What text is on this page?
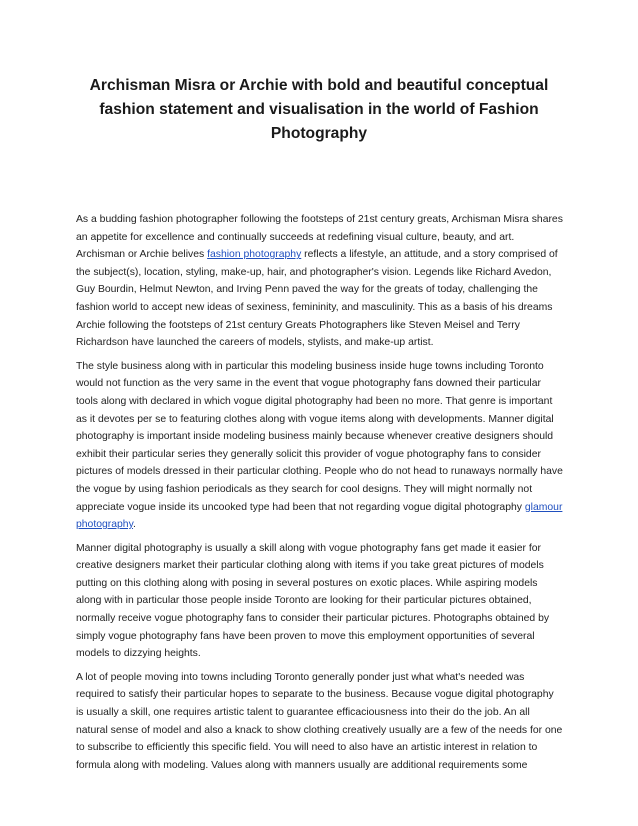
Archisman Misra or Archie with bold and beautiful conceptual fashion statement and visualisation in the world of Fashion Photography

As a budding fashion photographer following the footsteps of 21st century greats, Archisman Misra shares an appetite for excellence and continually succeeds at redefining visual culture, beauty, and art. Archisman or Archie belives fashion photography reflects a lifestyle, an attitude, and a story comprised of the subject(s), location, styling, make-up, hair, and photographer's vision. Legends like Richard Avedon, Guy Bourdin, Helmut Newton, and Irving Penn paved the way for the greats of today, challenging the fashion world to accept new ideas of sexiness, femininity, and masculinity. This as a basis of his dreams Archie following the footsteps of 21st century Greats Photographers like Steven Meisel and Terry Richardson have launched the careers of models, stylists, and make-up artist.

The style business along with in particular this modeling business inside huge towns including Toronto would not function as the very same in the event that vogue photography fans downed their particular tools along with declared in which vogue digital photography had been no more. That genre is important as it devotes per se to featuring clothes along with vogue items along with developments. Manner digital photography is important inside modeling business mainly because whenever creative designers should exhibit their particular series they generally solicit this provider of vogue photography fans to consider pictures of models dressed in their particular clothing. People who do not head to runaways normally have the vogue by using fashion periodicals as they search for cool designs. They will might normally not appreciate vogue inside its uncooked type had been that not regarding vogue digital photography glamour photography.

Manner digital photography is usually a skill along with vogue photography fans get made it easier for creative designers market their particular clothing along with items if you take great pictures of models putting on this clothing along with posing in several postures on exotic places. While aspiring models along with in particular those people inside Toronto are looking for their particular pictures obtained, normally receive vogue photography fans to consider their particular pictures. Photographs obtained by simply vogue photography fans have been proven to move this employment opportunities of several models to dizzying heights.

A lot of people moving into towns including Toronto generally ponder just what what's needed was required to satisfy their particular hopes to separate to the business. Because vogue digital photography is usually a skill, one requires artistic talent to guarantee efficaciousness into their do the job. An all natural sense of model and also a knack to show clothing creatively usually are a few of the needs for one to subscribe to efficiently this specific field. You will need to also have an artistic interest in relation to formula along with modeling. Values along with manners usually are additional requirements some
